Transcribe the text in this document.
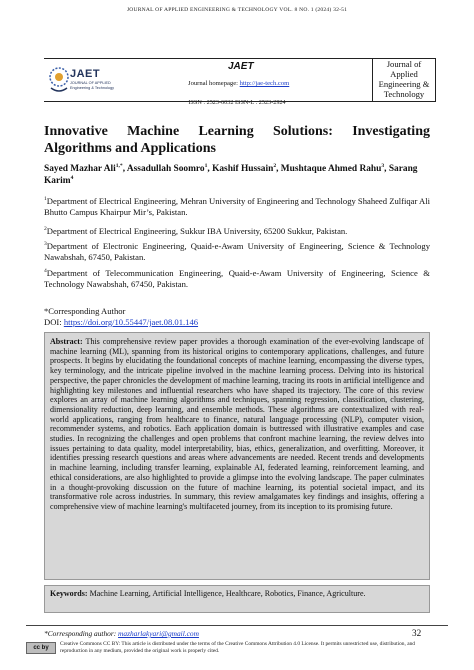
JOURNAL OF APPLIED ENGINEERING & TECHNOLOGY VOL. 8 NO. 1 (2024) 32-51
JAET
JOURNAL OF APPLIED Engineering & Technology
JAET
Journal homepage: http://jae-tech.com
Journal of
Applied
Engineering &
Technology
ISSN : 2523-6032 ISSN-L : 2523-2924
Innovative Machine Learning Solutions: Investigating
Algorithms and Applications
Sayed Mazhar Ali$^{1,*}$, Assadullah Soomro$^1$, Kashif Hussain$^2$, Mushtaque Ahmed Rahu$^3$, Sarang Karim$^4$
$^1$Department of Electrical Engineering, Mehran University of Engineering and Technology Shaheed Zulfiqar Ali Bhutto Campus Khairpur Mir’s, Pakistan.
$^2$Department of Electrical Engineering, Sukkur IBA University, 65200 Sukkur, Pakistan.
$^3$Department of Electronic Engineering, Quaid-e-Awam University of Engineering, Science & Technology Nawabshah, 67450, Pakistan.
$^4$Department of Telecommunication Engineering, Quaid-e-Awam University of Engineering, Science & Technology Nawabshah, 67450, Pakistan.
*Corresponding Author
DOI: https://doi.org/10.55447/jaet.08.01.146
Abstract: This comprehensive review paper provides a thorough examination of the ever-evolving landscape of machine learning (ML), spanning from its historical origins to contemporary applications, challenges, and future prospects. It begins by elucidating the foundational concepts of machine learning, encompassing the diverse types, key terminology, and the intricate pipeline involved in the machine learning process. Delving into its historical perspective, the paper chronicles the development of machine learning, tracing its roots in artificial intelligence and highlighting key milestones and influential researchers who have shaped its trajectory. The core of this review explores an array of machine learning algorithms and techniques, spanning regression, classification, clustering, dimensionality reduction, deep learning, and ensemble methods. These algorithms are contextualized with real-world applications, ranging from healthcare to finance, natural language processing (NLP), computer vision, recommender systems, and robotics. Each application domain is buttressed with illustrative examples and case studies. In recognizing the challenges and open problems that confront machine learning, the review delves into issues pertaining to data quality, model interpretability, bias, ethics, generalization, and overfitting. Moreover, it identifies pressing research questions and areas where advancements are needed. Recent trends and developments in machine learning, including transfer learning, explainable AI, federated learning, reinforcement learning, and ethical considerations, are also highlighted to provide a glimpse into the evolving landscape. The paper culminates in a thought-provoking discussion on the future of machine learning, its potential societal impact, and its transformative role across industries. In summary, this review amalgamates key findings and insights, offering a comprehensive view of machine learning's multifaceted journey, from its inception to its promising future.
Keywords: Machine Learning, Artificial Intelligence, Healthcare, Robotics, Finance, Agriculture.
*Corresponding author: mazharlakyari@gmail.com	32
cc by
Creative Commons CC BY: This article is distributed under the terms of the Creative Commons Attribution 4.0 License. It permits unrestricted use, distribution, and reproduction in any medium, provided the original work is properly cited.
